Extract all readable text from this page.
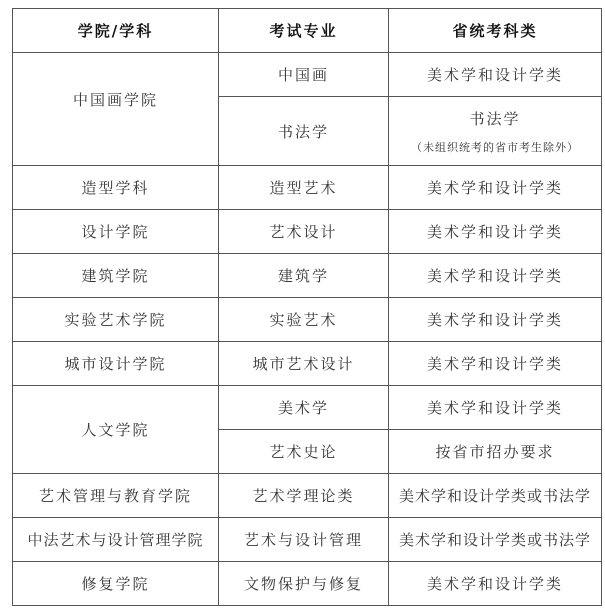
学院/学科	考试专业	省统考科类
中国画学院	中国画	美术学和设计学类
	书法学	书法学
（未组织统考的省市考生除外）

造型学科	造型艺术	美术学和设计学类
设计学院	艺术设计	美术学和设计学类
建筑学院	建筑学	美术学和设计学类
实验艺术学院	实验艺术	美术学和设计学类
城市设计学院	城市艺术设计	美术学和设计学类
人文学院	美术学	美术学和设计学类
	艺术史论	按省市招办要求
艺术管理与教育学院	艺术学理论类	美术学和设计学类或书法学
中法艺术与设计管理学院	艺术与设计管理	美术学和设计学类或书法学
修复学院	文物保护与修复	美术学和设计学类
